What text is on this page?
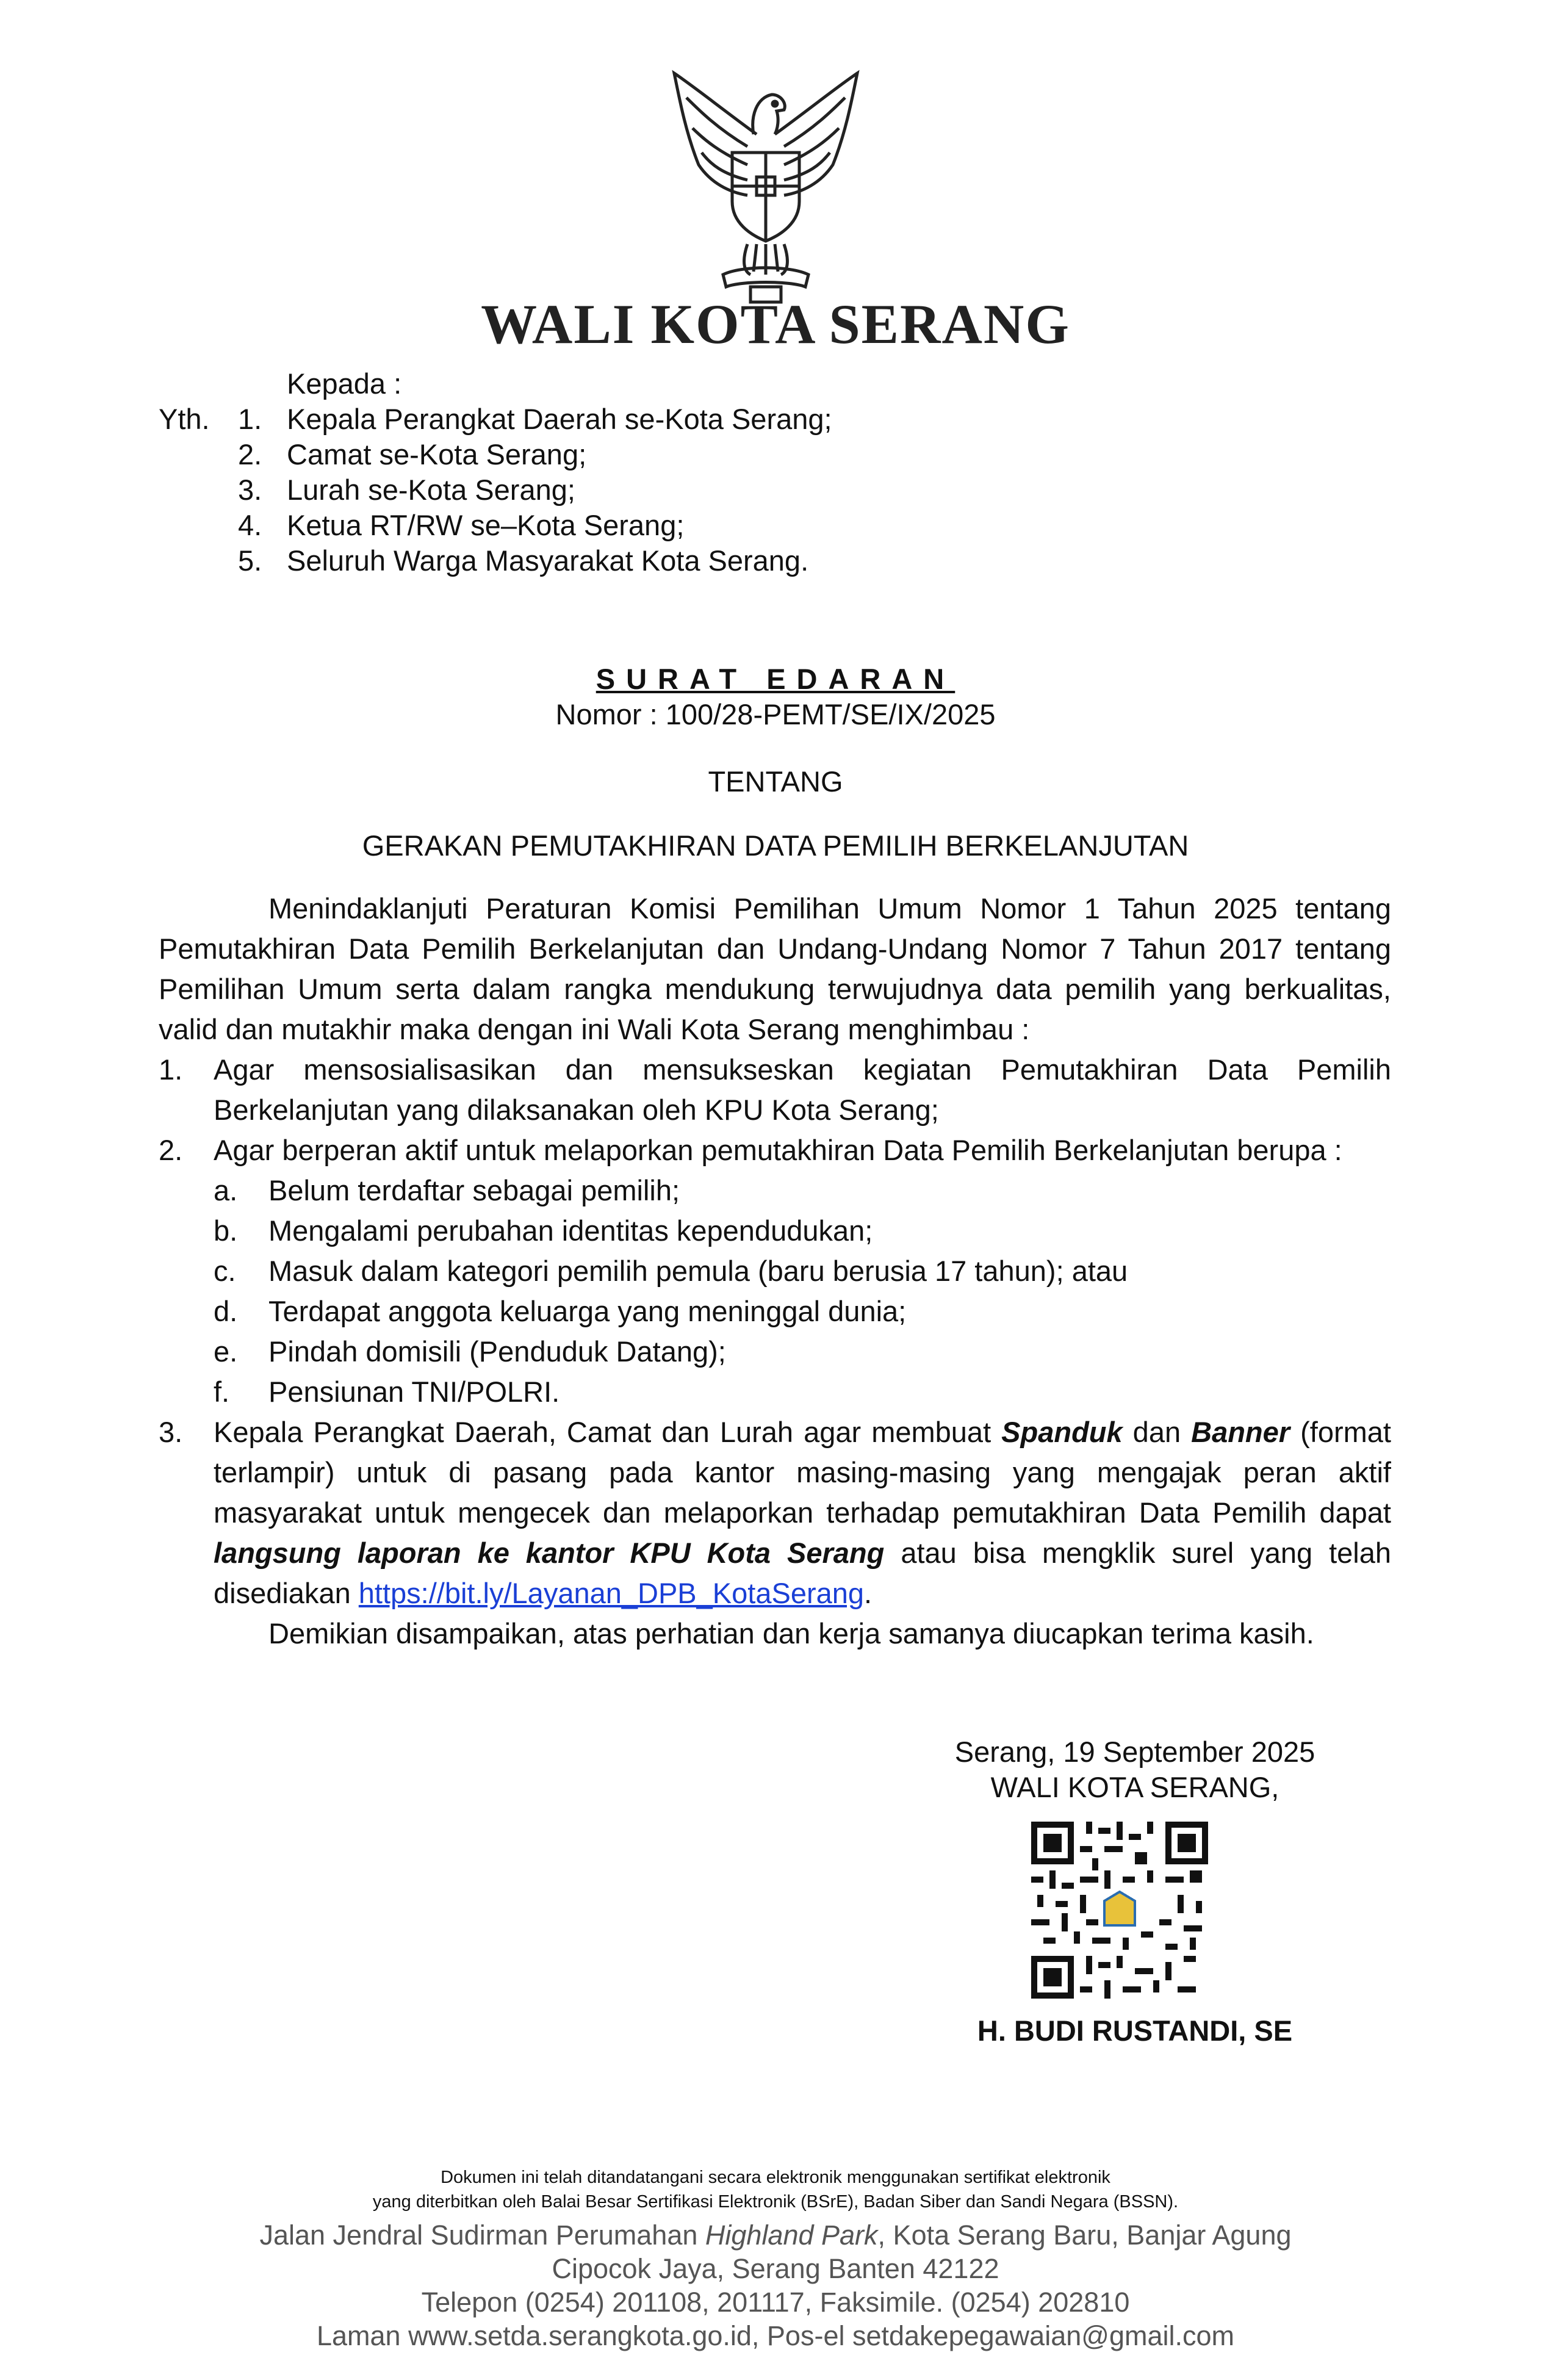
WALI KOTA SERANG
Kepada :
Yth. 1. Kepala Perangkat Daerah se-Kota Serang;
2. Camat se-Kota Serang;
3. Lurah se-Kota Serang;
4. Ketua RT/RW se–Kota Serang;
5. Seluruh Warga Masyarakat Kota Serang.
SURAT EDARAN
Nomor : 100/28-PEMT/SE/IX/2025
TENTANG
GERAKAN PEMUTAKHIRAN DATA PEMILIH BERKELANJUTAN
Menindaklanjuti Peraturan Komisi Pemilihan Umum Nomor 1 Tahun 2025 tentang Pemutakhiran Data Pemilih Berkelanjutan dan Undang-Undang Nomor 7 Tahun 2017 tentang Pemilihan Umum serta dalam rangka mendukung terwujudnya data pemilih yang berkualitas, valid dan mutakhir maka dengan ini Wali Kota Serang menghimbau :
1.	Agar mensosialisasikan dan mensukseskan kegiatan Pemutakhiran Data Pemilih Berkelanjutan yang dilaksanakan oleh KPU Kota Serang;
2.	Agar berperan aktif untuk melaporkan pemutakhiran Data Pemilih Berkelanjutan berupa :
a.	Belum terdaftar sebagai pemilih;
b.	Mengalami perubahan identitas kependudukan;
c.	Masuk dalam kategori pemilih pemula (baru berusia 17 tahun); atau
d.	Terdapat anggota keluarga yang meninggal dunia;
e.	Pindah domisili (Penduduk Datang);
f.	Pensiunan TNI/POLRI.
3.	Kepala Perangkat Daerah, Camat dan Lurah agar membuat Spanduk dan Banner (format terlampir) untuk di pasang pada kantor masing-masing yang mengajak peran aktif masyarakat untuk mengecek dan melaporkan terhadap pemutakhiran Data Pemilih dapat langsung laporan ke kantor KPU Kota Serang atau bisa mengklik surel yang telah disediakan https://bit.ly/Layanan_DPB_KotaSerang.
Demikian disampaikan, atas perhatian dan kerja samanya diucapkan terima kasih.
Serang, 19 September 2025
WALI KOTA SERANG,
H. BUDI RUSTANDI, SE
Dokumen ini telah ditandatangani secara elektronik menggunakan sertifikat elektronik
yang diterbitkan oleh Balai Besar Sertifikasi Elektronik (BSrE), Badan Siber dan Sandi Negara (BSSN).
Jalan Jendral Sudirman Perumahan Highland Park, Kota Serang Baru, Banjar Agung
Cipocok Jaya, Serang Banten 42122
Telepon (0254) 201108, 201117, Faksimile. (0254) 202810
Laman www.setda.serangkota.go.id, Pos-el setdakepegawaian@gmail.com
